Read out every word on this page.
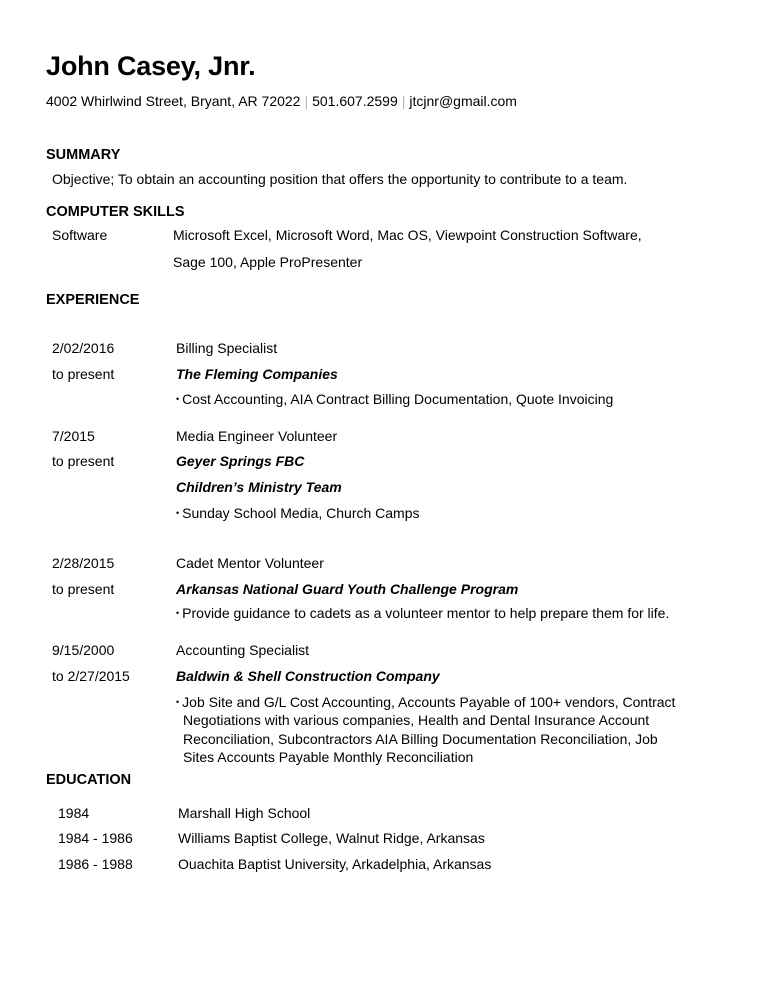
John Casey, Jnr.
4002 Whirlwind Street, Bryant, AR 72022 | 501.607.2599 | jtcjnr@gmail.com
SUMMARY
Objective; To obtain an accounting position that offers the opportunity to contribute to a team.
COMPUTER SKILLS
Software	Microsoft Excel, Microsoft Word, Mac OS, Viewpoint Construction Software,
Sage 100, Apple ProPresenter
EXPERIENCE
2/02/2016	Billing Specialist
to present	The Fleming Companies
• Cost Accounting, AIA Contract Billing Documentation, Quote Invoicing
7/2015	Media Engineer Volunteer
to present	Geyer Springs FBC
Children’s Ministry Team
• Sunday School Media, Church Camps
2/28/2015	Cadet Mentor Volunteer
to present	Arkansas National Guard Youth Challenge Program
• Provide guidance to cadets as a volunteer mentor to help prepare them for life.
9/15/2000	Accounting Specialist
to 2/27/2015	Baldwin & Shell Construction Company
• Job Site and G/L Cost Accounting, Accounts Payable of 100+ vendors, Contract
Negotiations with various companies, Health and Dental Insurance Account
Reconciliation, Subcontractors AIA Billing Documentation Reconciliation, Job
Sites Accounts Payable Monthly Reconciliation
EDUCATION
1984	Marshall High School
1984 - 1986	Williams Baptist College, Walnut Ridge, Arkansas
1986 - 1988	Ouachita Baptist University, Arkadelphia, Arkansas
